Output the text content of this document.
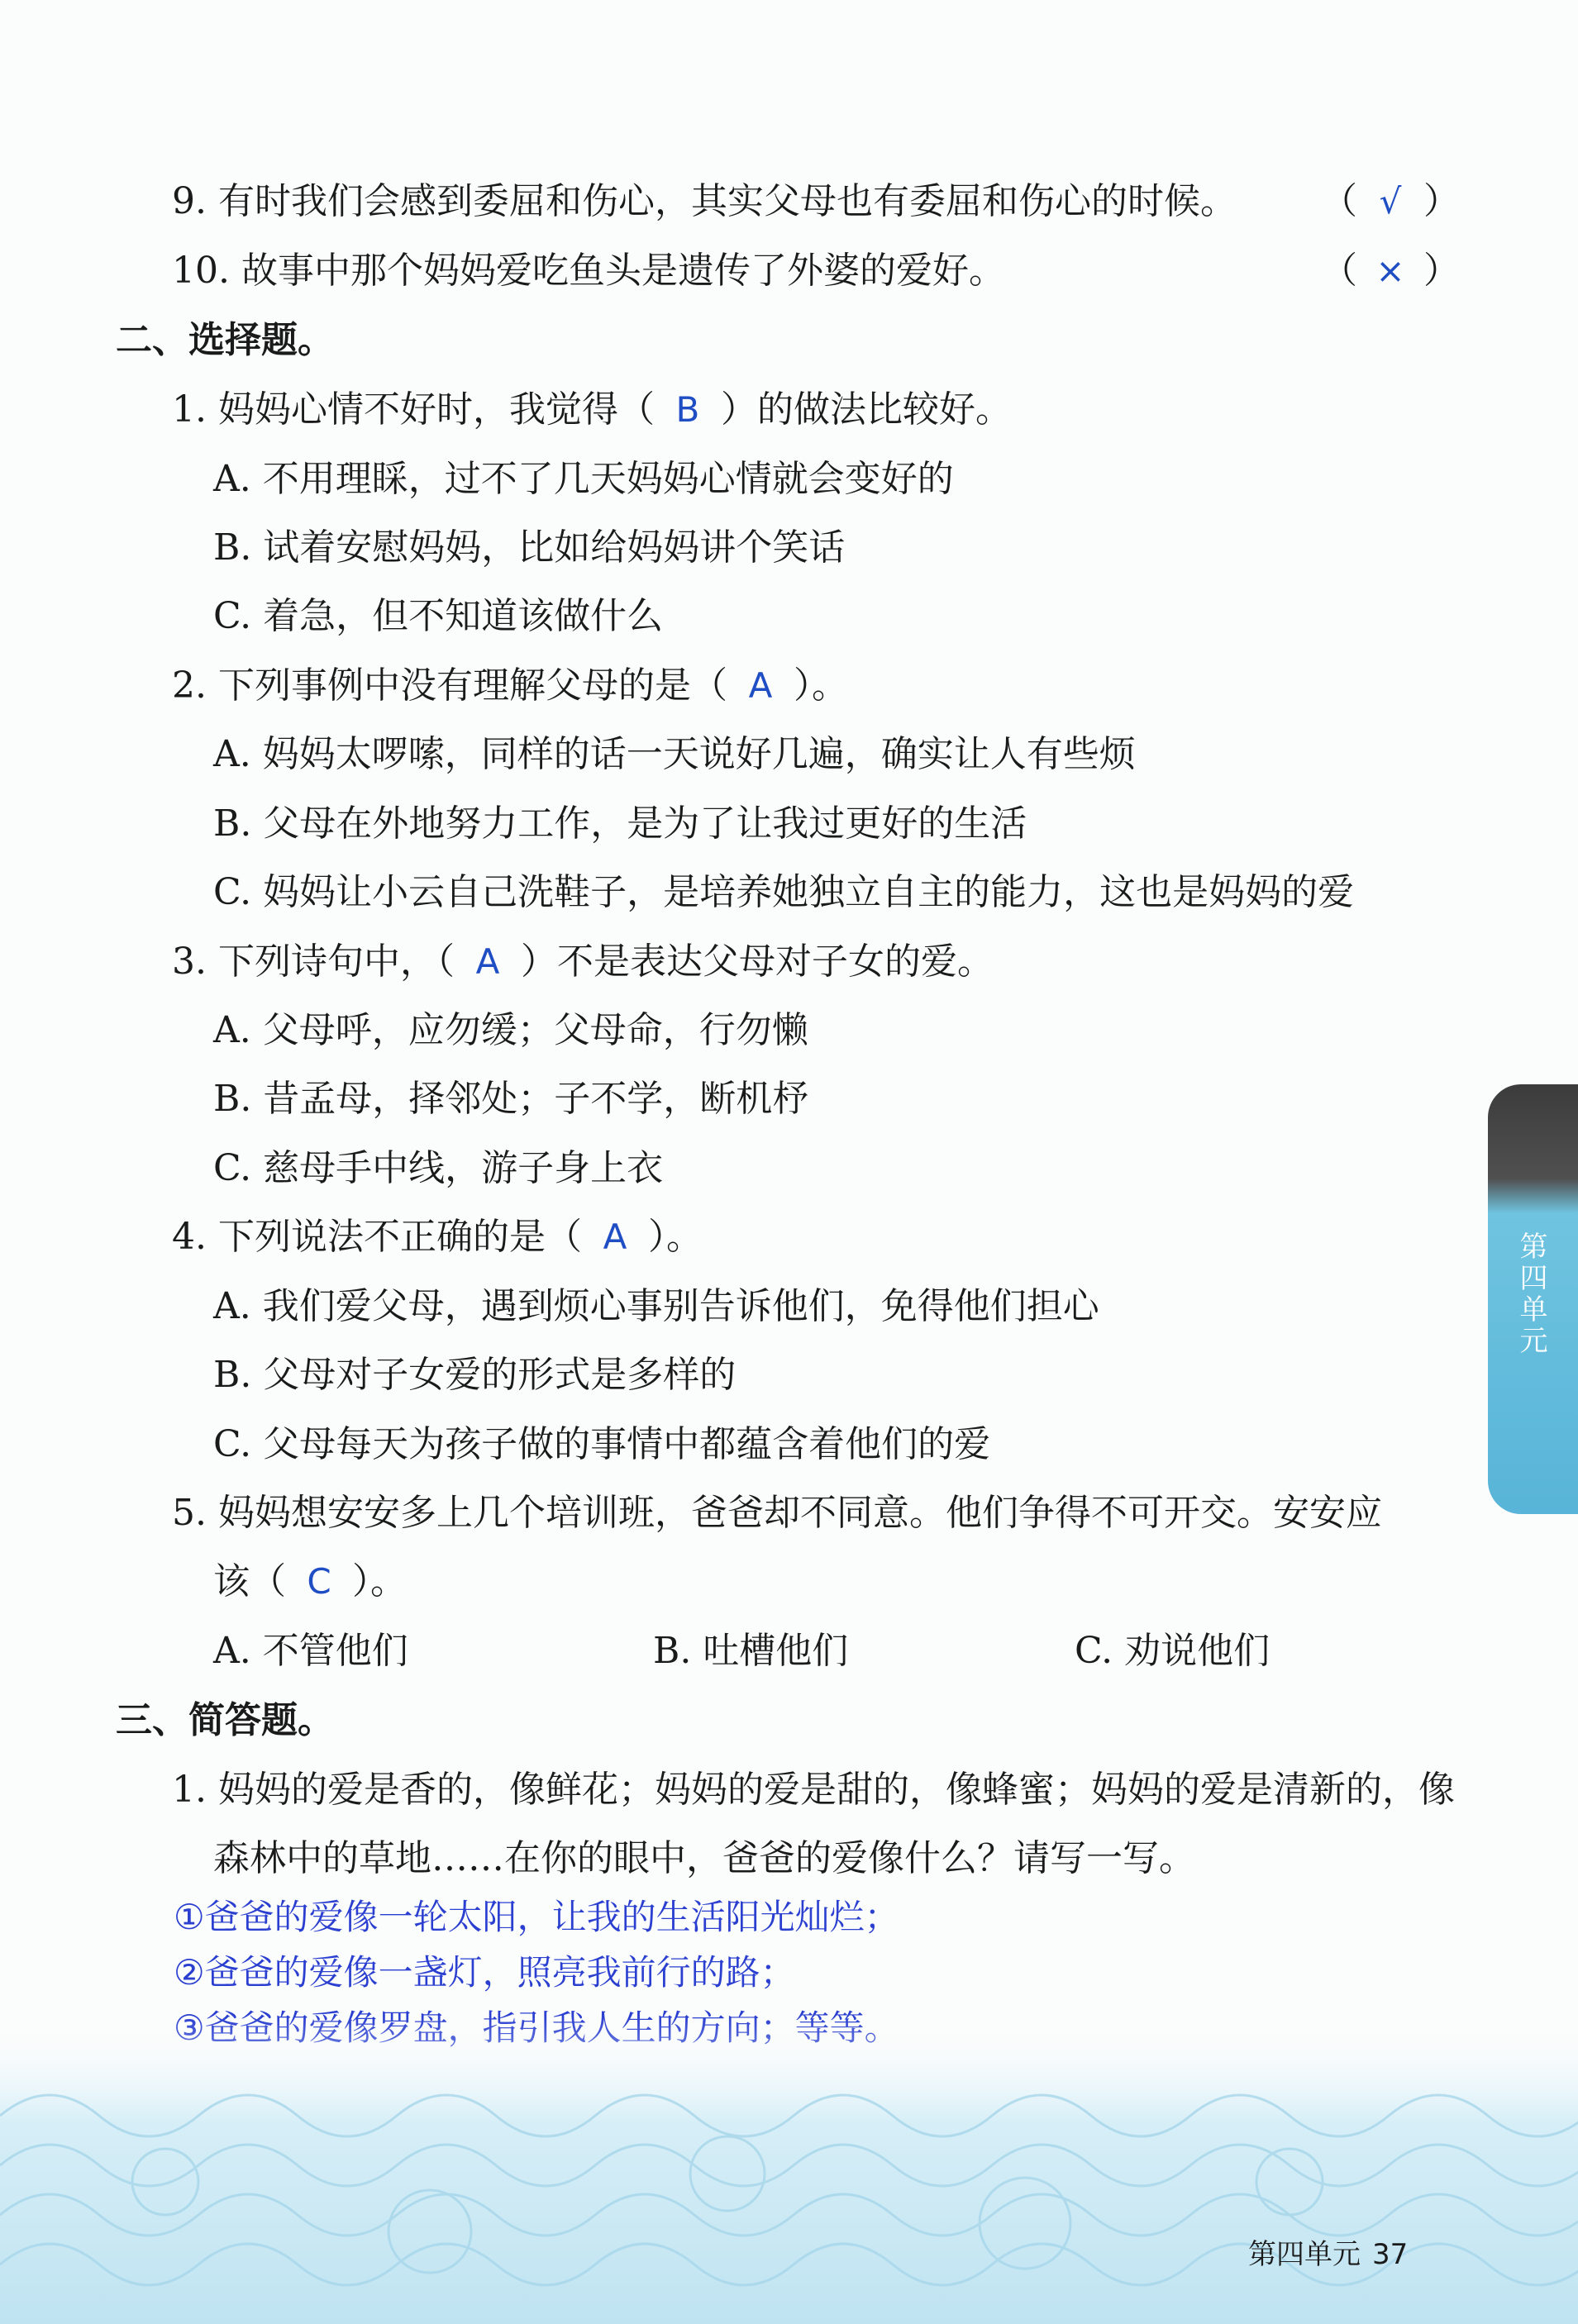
9. 有时我们会感到委屈和伤心，其实父母也有委屈和伤心的时候。 （ √ ）
10. 故事中那个妈妈爱吃鱼头是遗传了外婆的爱好。	（ × ）
二、选择题。
1. 妈妈心情不好时，我觉得（ B ）的做法比较好。
A. 不用理睬，过不了几天妈妈心情就会变好的
B. 试着安慰妈妈，比如给妈妈讲个笑话
C. 着急，但不知道该做什么
2. 下列事例中没有理解父母的是（ A ）。
A. 妈妈太啰嗦，同样的话一天说好几遍，确实让人有些烦
B. 父母在外地努力工作，是为了让我过更好的生活
C. 妈妈让小云自己洗鞋子，是培养她独立自主的能力，这也是妈妈的爱
3. 下列诗句中，（ A ）不是表达父母对子女的爱。
A. 父母呼，应勿缓；父母命，行勿懒
B. 昔孟母，择邻处；子不学，断机杼
C. 慈母手中线，游子身上衣
4. 下列说法不正确的是（ A ）。
A. 我们爱父母，遇到烦心事别告诉他们，免得他们担心
B. 父母对子女爱的形式是多样的
C. 父母每天为孩子做的事情中都蕴含着他们的爱
5. 妈妈想安安多上几个培训班，爸爸却不同意。他们争得不可开交。安安应
该（ C ）。
A. 不管他们	B. 吐槽他们	C. 劝说他们
三、简答题。
1. 妈妈的爱是香的，像鲜花；妈妈的爱是甜的，像蜂蜜；妈妈的爱是清新的，像
森林中的草地……在你的眼中，爸爸的爱像什么？请写一写。
①爸爸的爱像一轮太阳，让我的生活阳光灿烂；
②爸爸的爱像一盏灯，照亮我前行的路；
第四单元
第四单元 37
